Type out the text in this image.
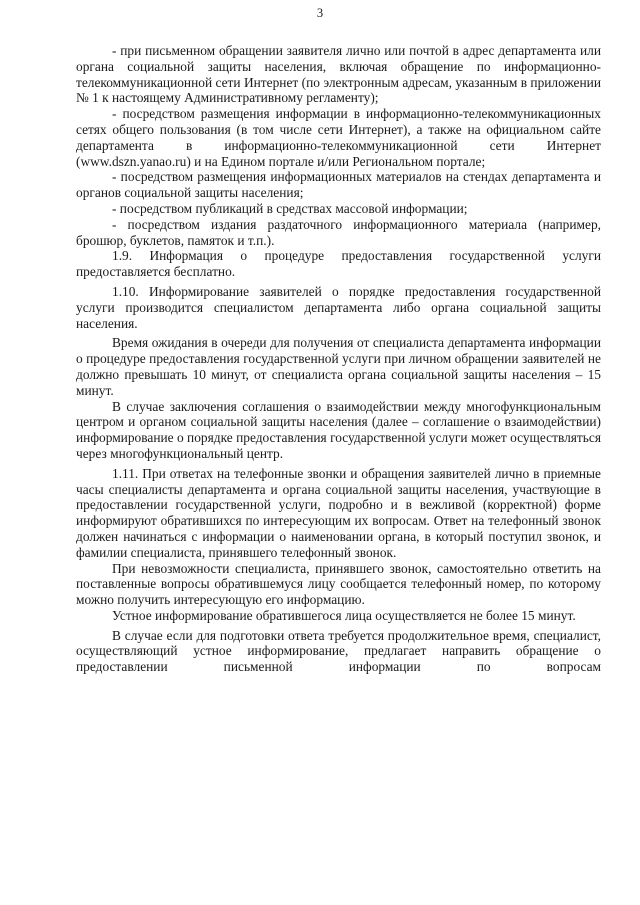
3

- при письменном обращении заявителя лично или почтой в адрес департамента или органа социальной защиты населения, включая обращение по информационно-телекоммуникационной сети Интернет (по электронным адресам, указанным в приложении № 1 к настоящему Административному регламенту);

- посредством размещения информации в информационно-телекоммуникационных сетях общего пользования (в том числе сети Интернет), а также на официальном сайте департамента в информационно-телекоммуникационной сети Интернет (www.dszn.yanao.ru) и на Едином портале и/или Региональном портале;

- посредством размещения информационных материалов на стендах департамента и органов социальной защиты населения;

- посредством публикаций в средствах массовой информации;

- посредством издания раздаточного информационного материала (например, брошюр, буклетов, памяток и т.п.).

1.9. Информация о процедуре предоставления государственной услуги предоставляется бесплатно.

1.10. Информирование заявителей о порядке предоставления государственной услуги производится специалистом департамента либо органа социальной защиты населения.

Время ожидания в очереди для получения от специалиста департамента информации о процедуре предоставления государственной услуги при личном обращении заявителей не должно превышать 10 минут, от специалиста органа социальной защиты населения – 15 минут.

В случае заключения соглашения о взаимодействии между многофункциональным центром и органом социальной защиты населения (далее – соглашение о взаимодействии) информирование о порядке предоставления государственной услуги может осуществляться через многофункциональный центр.

1.11. При ответах на телефонные звонки и обращения заявителей лично в приемные часы специалисты департамента и органа социальной защиты населения, участвующие в предоставлении государственной услуги, подробно и в вежливой (корректной) форме информируют обратившихся по интересующим их вопросам. Ответ на телефонный звонок должен начинаться с информации о наименовании органа, в который поступил звонок, и фамилии специалиста, принявшего телефонный звонок.

При невозможности специалиста, принявшего звонок, самостоятельно ответить на поставленные вопросы обратившемуся лицу сообщается телефонный номер, по которому можно получить интересующую его информацию.

Устное информирование обратившегося лица осуществляется не более 15 минут.

В случае если для подготовки ответа требуется продолжительное время, специалист, осуществляющий устное информирование, предлагает направить обращение о предоставлении письменной информации по вопросам
